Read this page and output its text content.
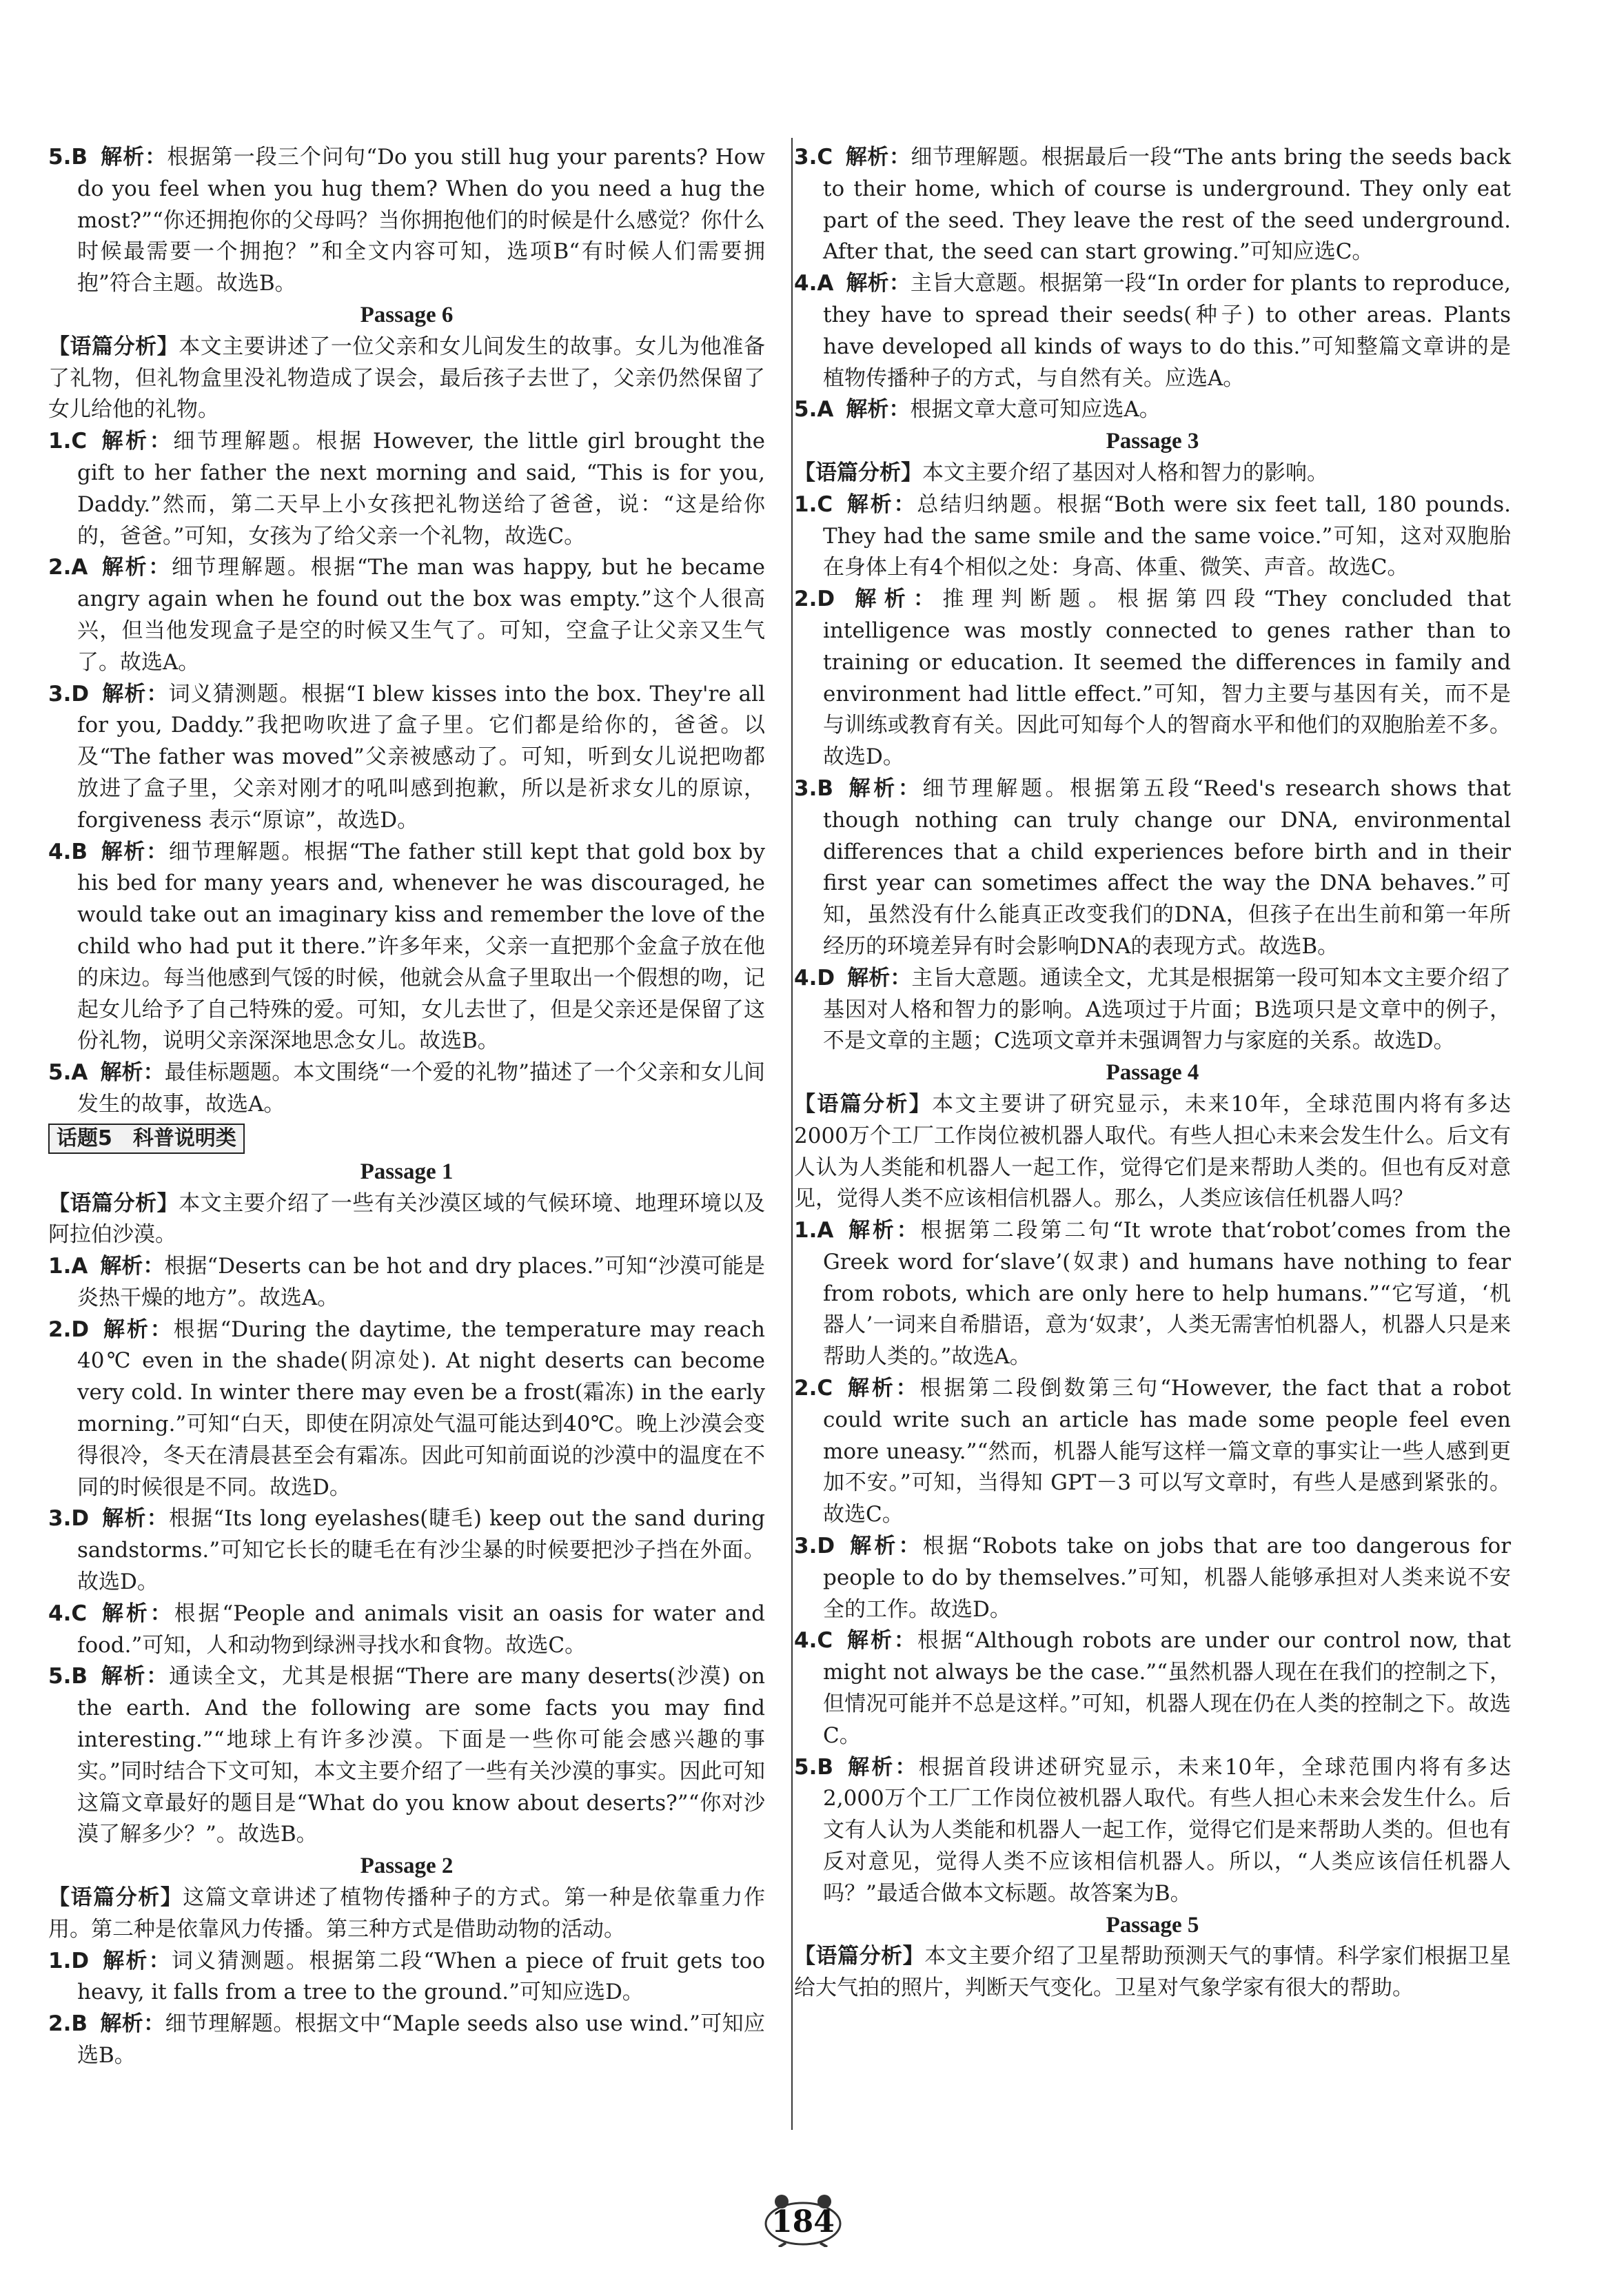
5.B 解析：根据第一段三个问句“Do you still hug your parents? How do you feel when you hug them? When do you need a hug the most?”“你还拥抱你的父母吗？当你拥抱他们的时候是什么感觉？你什么时候最需要一个拥抱？”和全文内容可知，选项B“有时候人们需要拥抱”符合主题。故选B。

Passage 6

【语篇分析】本文主要讲述了一位父亲和女儿间发生的故事。女儿为他准备了礼物，但礼物盒里没礼物造成了误会，最后孩子去世了，父亲仍然保留了女儿给他的礼物。

1.C 解析：细节理解题。根据 However, the little girl brought the gift to her father the next morning and said, “This is for you, Daddy.”然而，第二天早上小女孩把礼物送给了爸爸，说：“这是给你的，爸爸。”可知，女孩为了给父亲一个礼物，故选C。

2.A 解析：细节理解题。根据“The man was happy, but he became angry again when he found out the box was empty.”这个人很高兴，但当他发现盒子是空的时候又生气了。可知，空盒子让父亲又生气了。故选A。

3.D 解析：词义猜测题。根据“I blew kisses into the box. They're all for you, Daddy.”我把吻吹进了盒子里。它们都是给你的，爸爸。以及“The father was moved”父亲被感动了。可知，听到女儿说把吻都放进了盒子里，父亲对刚才的吼叫感到抱歉，所以是祈求女儿的原谅，forgiveness 表示“原谅”，故选D。

4.B 解析：细节理解题。根据“The father still kept that gold box by his bed for many years and, whenever he was discouraged, he would take out an imaginary kiss and remember the love of the child who had put it there.”许多年来，父亲一直把那个金盒子放在他的床边。每当他感到气馁的时候，他就会从盒子里取出一个假想的吻，记起女儿给予了自己特殊的爱。可知，女儿去世了，但是父亲还是保留了这份礼物，说明父亲深深地思念女儿。故选B。

5.A 解析：最佳标题题。本文围绕“一个爱的礼物”描述了一个父亲和女儿间发生的故事，故选A。

话题5　科普说明类

Passage 1

【语篇分析】本文主要介绍了一些有关沙漠区域的气候环境、地理环境以及阿拉伯沙漠。

1.A 解析：根据“Deserts can be hot and dry places.”可知“沙漠可能是炎热干燥的地方”。故选A。

2.D 解析：根据“During the daytime, the temperature may reach 40℃ even in the shade(阴凉处). At night deserts can become very cold. In winter there may even be a frost(霜冻) in the early morning.”可知“白天，即使在阴凉处气温可能达到40℃。晚上沙漠会变得很冷，冬天在清晨甚至会有霜冻。因此可知前面说的沙漠中的温度在不同的时候很是不同。故选D。

3.D 解析：根据“Its long eyelashes(睫毛) keep out the sand during sandstorms.”可知它长长的睫毛在有沙尘暴的时候要把沙子挡在外面。故选D。

4.C 解析：根据“People and animals visit an oasis for water and food.”可知，人和动物到绿洲寻找水和食物。故选C。

5.B 解析：通读全文，尤其是根据“There are many deserts(沙漠) on the earth. And the following are some facts you may find interesting.”“地球上有许多沙漠。下面是一些你可能会感兴趣的事实。”同时结合下文可知，本文主要介绍了一些有关沙漠的事实。因此可知这篇文章最好的题目是“What do you know about deserts?”“你对沙漠了解多少？”。故选B。

Passage 2

【语篇分析】这篇文章讲述了植物传播种子的方式。第一种是依靠重力作用。第二种是依靠风力传播。第三种方式是借助动物的活动。

1.D 解析：词义猜测题。根据第二段“When a piece of fruit gets too heavy, it falls from a tree to the ground.”可知应选D。

2.B 解析：细节理解题。根据文中“Maple seeds also use wind.”可知应选B。

3.C 解析：细节理解题。根据最后一段“The ants bring the seeds back to their home, which of course is underground. They only eat part of the seed. They leave the rest of the seed underground. After that, the seed can start growing.”可知应选C。

4.A 解析：主旨大意题。根据第一段“In order for plants to reproduce, they have to spread their seeds(种子) to other areas. Plants have developed all kinds of ways to do this.”可知整篇文章讲的是植物传播种子的方式，与自然有关。应选A。

5.A 解析：根据文章大意可知应选A。

Passage 3

【语篇分析】本文主要介绍了基因对人格和智力的影响。

1.C 解析：总结归纳题。根据“Both were six feet tall, 180 pounds. They had the same smile and the same voice.”可知，这对双胞胎在身体上有4个相似之处：身高、体重、微笑、声音。故选C。

2.D 解析：推理判断题。根据第四段“They concluded that intelligence was mostly connected to genes rather than to training or education. It seemed the differences in family and environment had little effect.”可知，智力主要与基因有关，而不是与训练或教育有关。因此可知每个人的智商水平和他们的双胞胎差不多。故选D。

3.B 解析：细节理解题。根据第五段“Reed's research shows that though nothing can truly change our DNA, environmental differences that a child experiences before birth and in their first year can sometimes affect the way the DNA behaves.”可知，虽然没有什么能真正改变我们的DNA，但孩子在出生前和第一年所经历的环境差异有时会影响DNA的表现方式。故选B。

4.D 解析：主旨大意题。通读全文，尤其是根据第一段可知本文主要介绍了基因对人格和智力的影响。A选项过于片面；B选项只是文章中的例子，不是文章的主题；C选项文章并未强调智力与家庭的关系。故选D。

Passage 4

【语篇分析】本文主要讲了研究显示，未来10年，全球范围内将有多达2000万个工厂工作岗位被机器人取代。有些人担心未来会发生什么。后文有人认为人类能和机器人一起工作，觉得它们是来帮助人类的。但也有反对意见，觉得人类不应该相信机器人。那么，人类应该信任机器人吗？

1.A 解析：根据第二段第二句“It wrote that‘robot’comes from the Greek word for‘slave’(奴隶) and humans have nothing to fear from robots, which are only here to help humans.”“它写道，‘机器人’一词来自希腊语，意为‘奴隶’，人类无需害怕机器人，机器人只是来帮助人类的。”故选A。

2.C 解析：根据第二段倒数第三句“However, the fact that a robot could write such an article has made some people feel even more uneasy.”“然而，机器人能写这样一篇文章的事实让一些人感到更加不安。”可知，当得知 GPT－3 可以写文章时，有些人是感到紧张的。故选C。

3.D 解析：根据“Robots take on jobs that are too dangerous for people to do by themselves.”可知，机器人能够承担对人类来说不安全的工作。故选D。

4.C 解析：根据“Although robots are under our control now, that might not always be the case.”“虽然机器人现在在我们的控制之下，但情况可能并不总是这样。”可知，机器人现在仍在人类的控制之下。故选C。

5.B 解析：根据首段讲述研究显示，未来10年，全球范围内将有多达2,000万个工厂工作岗位被机器人取代。有些人担心未来会发生什么。后文有人认为人类能和机器人一起工作，觉得它们是来帮助人类的。但也有反对意见，觉得人类不应该相信机器人。所以，“人类应该信任机器人吗？”最适合做本文标题。故答案为B。

Passage 5

【语篇分析】本文主要介绍了卫星帮助预测天气的事情。科学家们根据卫星给大气拍的照片，判断天气变化。卫星对气象学家有很大的帮助。

184
